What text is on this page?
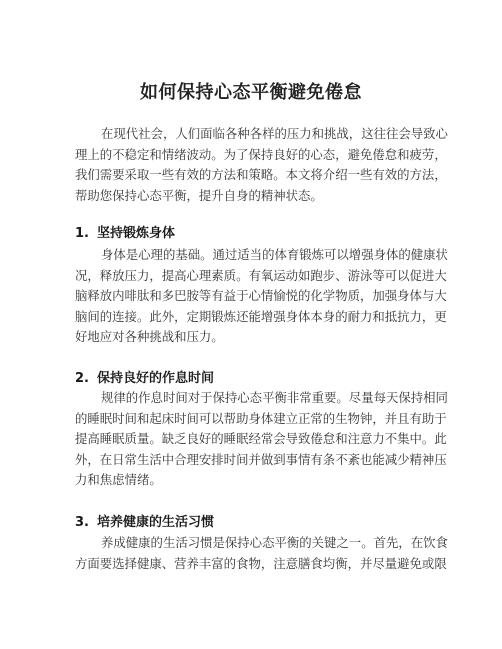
如何保持心态平衡避免倦怠
在现代社会，人们面临各种各样的压力和挑战，这往往会导致心
理上的不稳定和情绪波动。为了保持良好的心态，避免倦怠和疲劳，
我们需要采取一些有效的方法和策略。本文将介绍一些有效的方法，
帮助您保持心态平衡，提升自身的精神状态。
1. 坚持锻炼身体
身体是心理的基础。通过适当的体育锻炼可以增强身体的健康状
况，释放压力，提高心理素质。有氧运动如跑步、游泳等可以促进大
脑释放内啡肽和多巴胺等有益于心情愉悦的化学物质，加强身体与大
脑间的连接。此外，定期锻炼还能增强身体本身的耐力和抵抗力，更
好地应对各种挑战和压力。
2. 保持良好的作息时间
规律的作息时间对于保持心态平衡非常重要。尽量每天保持相同
的睡眠时间和起床时间可以帮助身体建立正常的生物钟，并且有助于
提高睡眠质量。缺乏良好的睡眠经常会导致倦怠和注意力不集中。此
外，在日常生活中合理安排时间并做到事情有条不紊也能减少精神压
力和焦虑情绪。
3. 培养健康的生活习惯
养成健康的生活习惯是保持心态平衡的关键之一。首先，在饮食
方面要选择健康、营养丰富的食物，注意膳食均衡，并尽量避免或限
